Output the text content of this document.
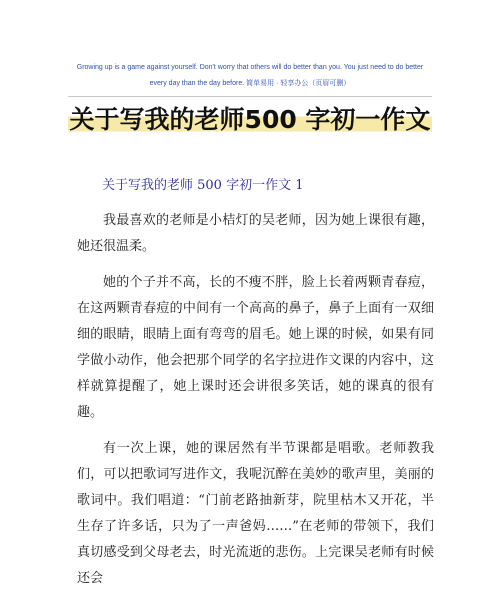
Growing up is a game against yourself. Don't worry that others will do better than you. You just need to do better
every day than the day before. 简单易用 · 轻享办公（页眉可删）
关于写我的老师500 字初一作文
关于写我的老师 500 字初一作文 1

我最喜欢的老师是小桔灯的吴老师，因为她上课很有趣，她还很温柔。

她的个子并不高，长的不瘦不胖，脸上长着两颗青春痘，在这两颗青春痘的中间有一个高高的鼻子，鼻子上面有一双细细的眼睛，眼睛上面有弯弯的眉毛。她上课的时候，如果有同学做小动作，他会把那个同学的名字拉进作文课的内容中，这样就算提醒了，她上课时还会讲很多笑话，她的课真的很有趣。

有一次上课，她的课居然有半节课都是唱歌。老师教我们，可以把歌词写进作文，我呢沉醉在美妙的歌声里，美丽的歌词中。我们唱道：“门前老路抽新芽，院里枯木又开花，半生存了许多话，只为了一声爸妈……”在老师的带领下，我们真切感受到父母老去，时光流逝的悲伤。上完课吴老师有时候还会
